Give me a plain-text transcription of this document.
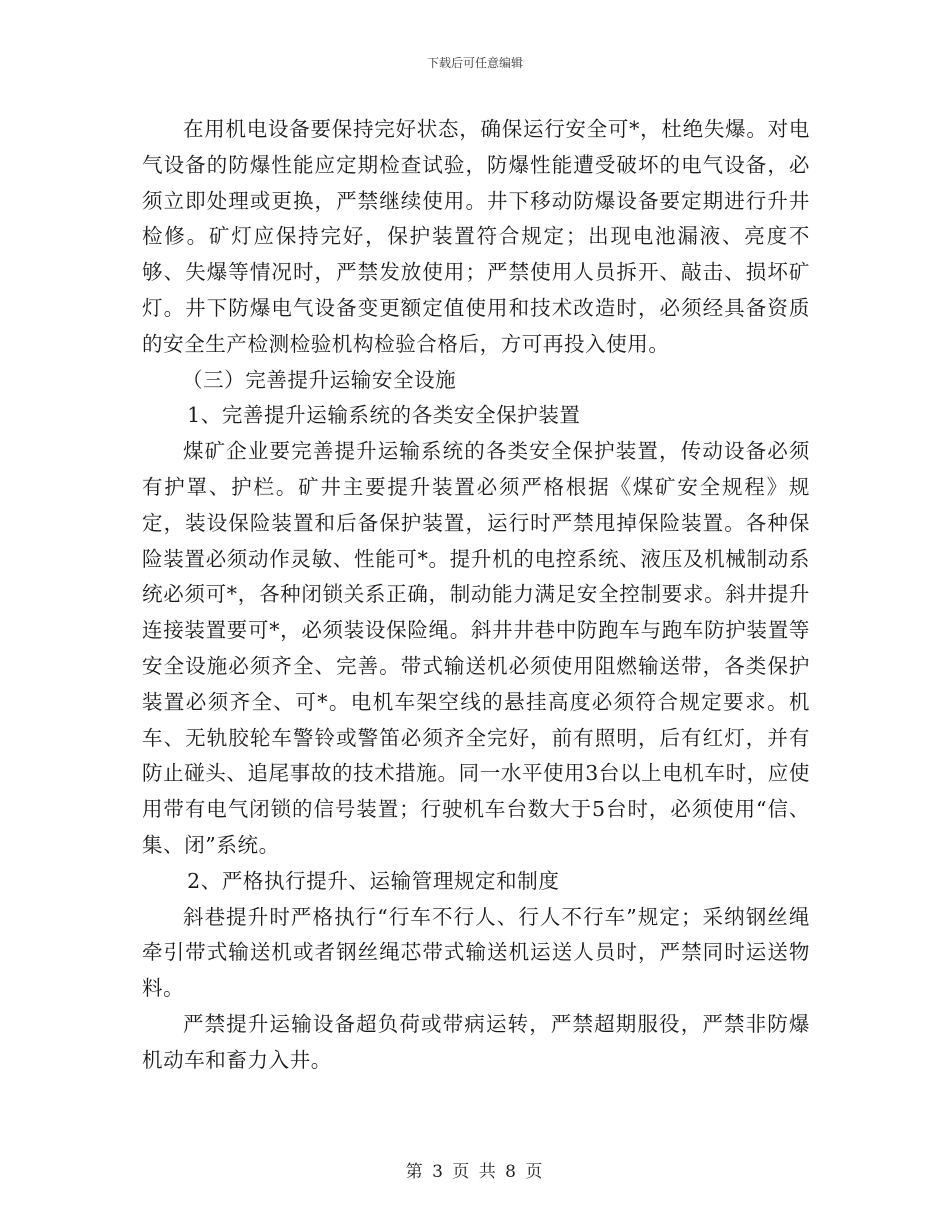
下载后可任意编辑

在用机电设备要保持完好状态，确保运行安全可*，杜绝失爆。对电气设备的防爆性能应定期检查试验，防爆性能遭受破坏的电气设备，必须立即处理或更换，严禁继续使用。井下移动防爆设备要定期进行升井检修。矿灯应保持完好，保护装置符合规定；出现电池漏液、亮度不够、失爆等情况时，严禁发放使用；严禁使用人员拆开、敲击、损坏矿灯。井下防爆电气设备变更额定值使用和技术改造时，必须经具备资质的安全生产检测检验机构检验合格后，方可再投入使用。

（三）完善提升运输安全设施

1、完善提升运输系统的各类安全保护装置

煤矿企业要完善提升运输系统的各类安全保护装置，传动设备必须有护罩、护栏。矿井主要提升装置必须严格根据《煤矿安全规程》规定，装设保险装置和后备保护装置，运行时严禁甩掉保险装置。各种保险装置必须动作灵敏、性能可*。提升机的电控系统、液压及机械制动系统必须可*，各种闭锁关系正确，制动能力满足安全控制要求。斜井提升连接装置要可*，必须装设保险绳。斜井井巷中防跑车与跑车防护装置等安全设施必须齐全、完善。带式输送机必须使用阻燃输送带，各类保护装置必须齐全、可*。电机车架空线的悬挂高度必须符合规定要求。机车、无轨胶轮车警铃或警笛必须齐全完好，前有照明，后有红灯，并有防止碰头、追尾事故的技术措施。同一水平使用3台以上电机车时，应使用带有电气闭锁的信号装置；行驶机车台数大于5台时，必须使用“信、集、闭”系统。

2、严格执行提升、运输管理规定和制度

斜巷提升时严格执行“行车不行人、行人不行车”规定；采纳钢丝绳牵引带式输送机或者钢丝绳芯带式输送机运送人员时，严禁同时运送物料。

严禁提升运输设备超负荷或带病运转，严禁超期服役，严禁非防爆机动车和畜力入井。

第 3 页 共 8 页
